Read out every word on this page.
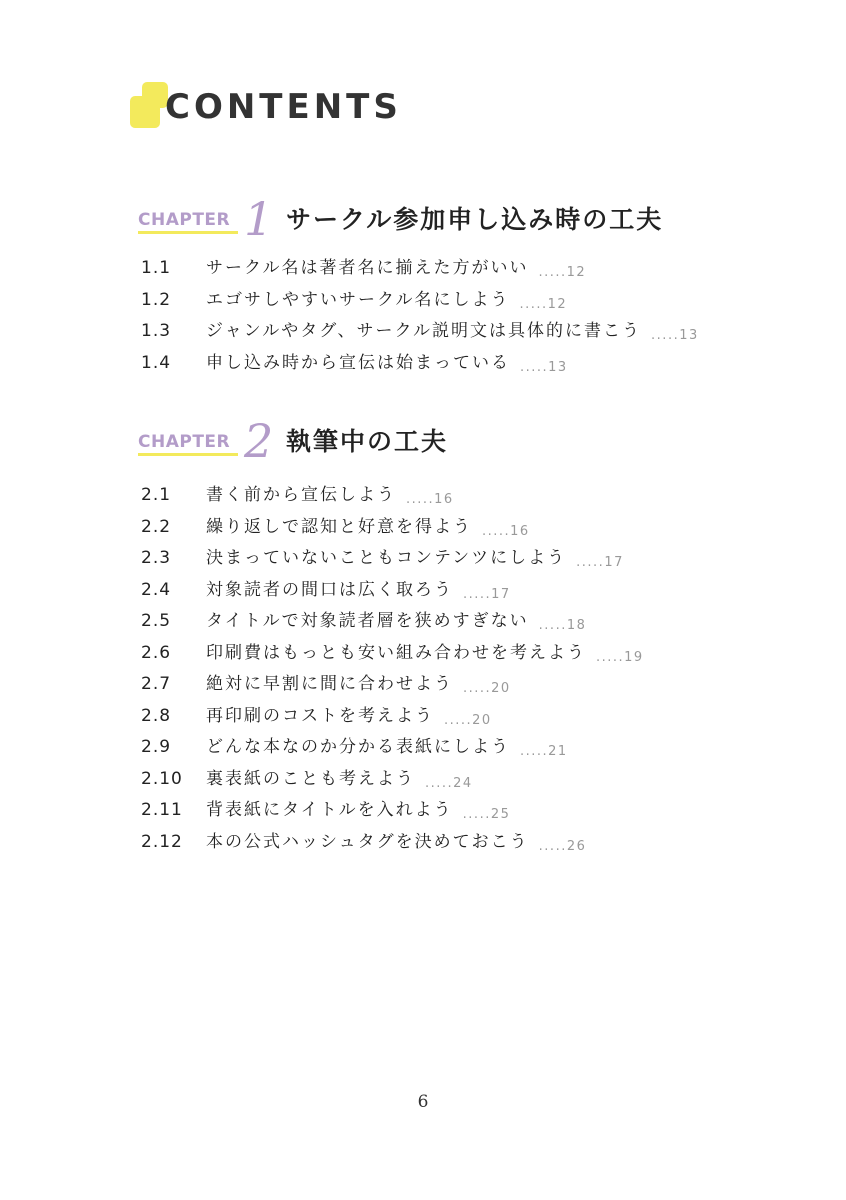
CONTENTS
CHAPTER 1 サークル参加申し込み時の工夫
1.1 サークル名は著者名に揃えた方がいい .....12
1.2 エゴサしやすいサークル名にしよう .....12
1.3 ジャンルやタグ、サークル説明文は具体的に書こう .....13
1.4 申し込み時から宣伝は始まっている .....13
CHAPTER 2 執筆中の工夫
2.1 書く前から宣伝しよう .....16
2.2 繰り返しで認知と好意を得よう .....16
2.3 決まっていないこともコンテンツにしよう .....17
2.4 対象読者の間口は広く取ろう .....17
2.5 タイトルで対象読者層を狭めすぎない .....18
2.6 印刷費はもっとも安い組み合わせを考えよう .....19
2.7 絶対に早割に間に合わせよう .....20
2.8 再印刷のコストを考えよう .....20
2.9 どんな本なのか分かる表紙にしよう .....21
2.10 裏表紙のことも考えよう .....24
2.11 背表紙にタイトルを入れよう .....25
2.12 本の公式ハッシュタグを決めておこう .....26
6
